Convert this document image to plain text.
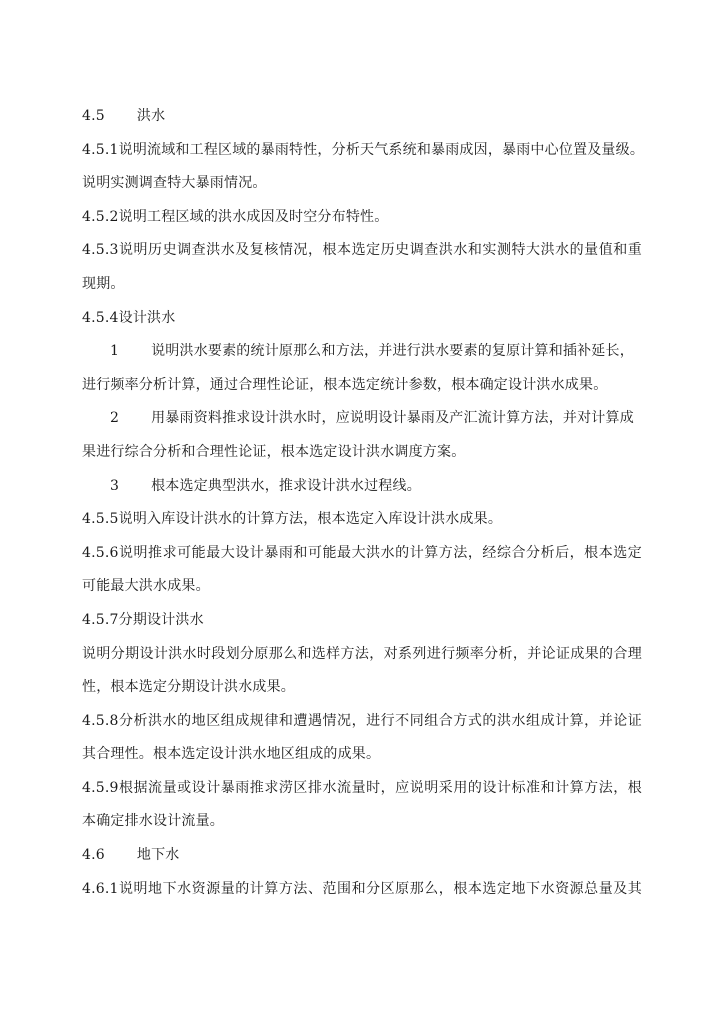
4.5 洪水
4.5.1说明流域和工程区域的暴雨特性，分析天气系统和暴雨成因，暴雨中心位置及量级。
说明实测调查特大暴雨情况。
4.5.2说明工程区域的洪水成因及时空分布特性。
4.5.3说明历史调查洪水及复核情况，根本选定历史调查洪水和实测特大洪水的量值和重
现期。
4.5.4设计洪水
1 说明洪水要素的统计原那么和方法，并进行洪水要素的复原计算和插补延长，
进行频率分析计算，通过合理性论证，根本选定统计参数，根本确定设计洪水成果。
2 用暴雨资料推求设计洪水时，应说明设计暴雨及产汇流计算方法，并对计算成
果进行综合分析和合理性论证，根本选定设计洪水调度方案。
3 根本选定典型洪水，推求设计洪水过程线。
4.5.5说明入库设计洪水的计算方法，根本选定入库设计洪水成果。
4.5.6说明推求可能最大设计暴雨和可能最大洪水的计算方法，经综合分析后，根本选定
可能最大洪水成果。
4.5.7分期设计洪水
说明分期设计洪水时段划分原那么和选样方法，对系列进行频率分析，并论证成果的合理
性，根本选定分期设计洪水成果。
4.5.8分析洪水的地区组成规律和遭遇情况，进行不同组合方式的洪水组成计算，并论证
其合理性。根本选定设计洪水地区组成的成果。
4.5.9根据流量或设计暴雨推求涝区排水流量时，应说明采用的设计标准和计算方法，根
本确定排水设计流量。
4.6 地下水
4.6.1说明地下水资源量的计算方法、范围和分区原那么，根本选定地下水资源总量及其
